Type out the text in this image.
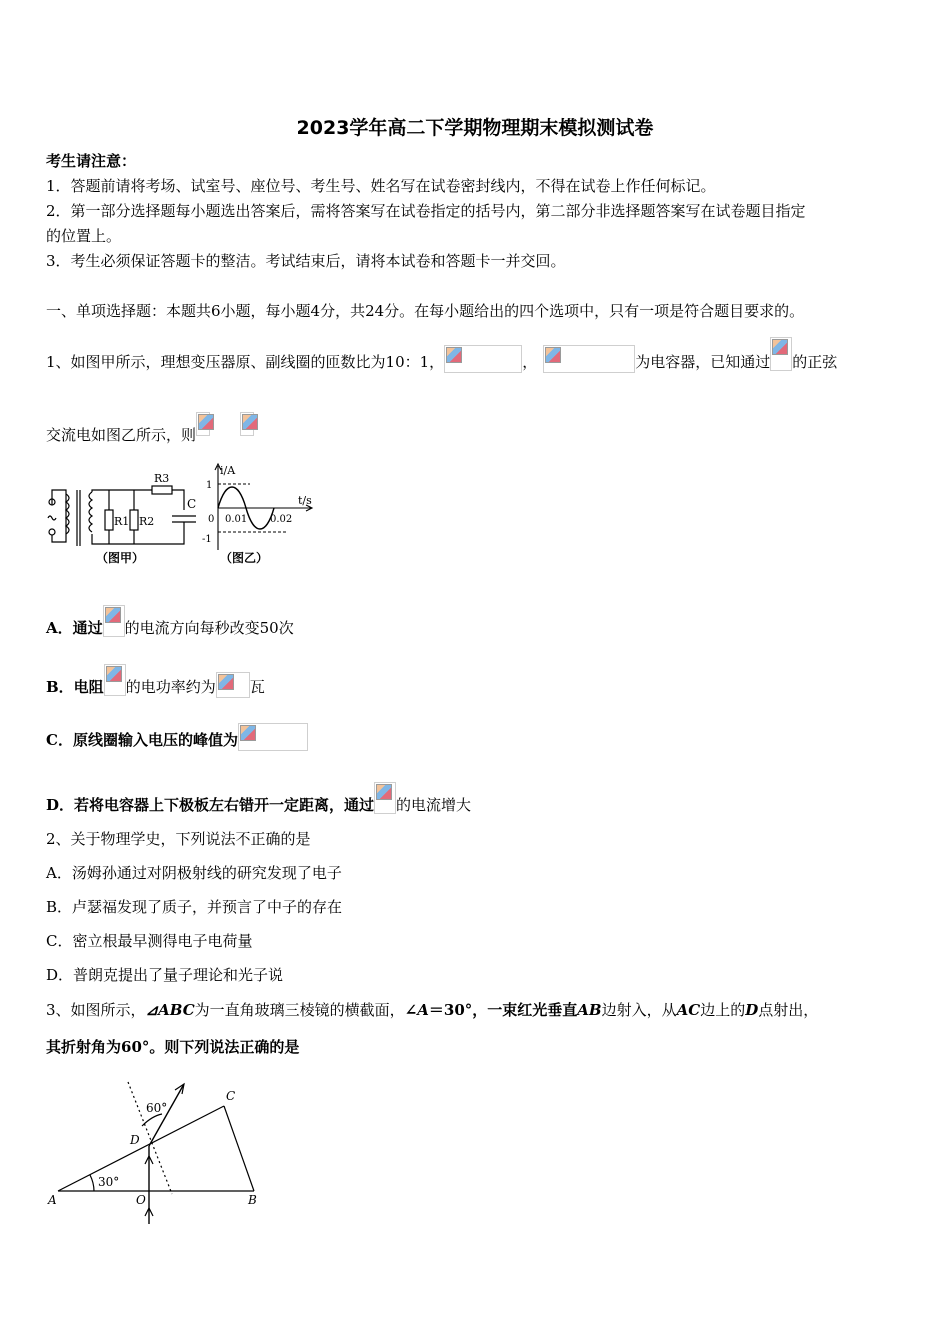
2023学年高二下学期物理期末模拟测试卷
考生请注意：
1．答题前请将考场、试室号、座位号、考生号、姓名写在试卷密封线内，不得在试卷上作任何标记。
2．第一部分选择题每小题选出答案后，需将答案写在试卷指定的括号内，第二部分非选择题答案写在试卷题目指定
的位置上。
3．考生必须保证答题卡的整洁。考试结束后，请将本试卷和答题卡一并交回。
一、单项选择题：本题共6小题，每小题4分，共24分。在每小题给出的四个选项中，只有一项是符合题目要求的。
1、如图甲所示，理想变压器原、副线圈的匝数比为10：1，	，	为电容器，已知通过 的正弦
交流电如图乙所示，则
R3
C
R1 R2
（图甲）
i/A
t/s
1
0
-1
0.01 0.02
（图乙）
A．通过 的电流方向每秒改变50次
B．电阻 的电功率约为 瓦
C．原线圈输入电压的峰值为
D．若将电容器上下极板左右错开一定距离，通过 的电流增大
2、关于物理学史，下列说法不正确的是
A．汤姆孙通过对阴极射线的研究发现了电子
B．卢瑟福发现了质子，并预言了中子的存在
C．密立根最早测得电子电荷量
D．普朗克提出了量子理论和光子说
3、如图所示，⊿ABC为一直角玻璃三棱镜的横截面，∠A＝30°，一束红光垂直AB边射入，从AC边上的D点射出，
其折射角为60°。则下列说法正确的是
C
60°
D
30°
A	O	B
